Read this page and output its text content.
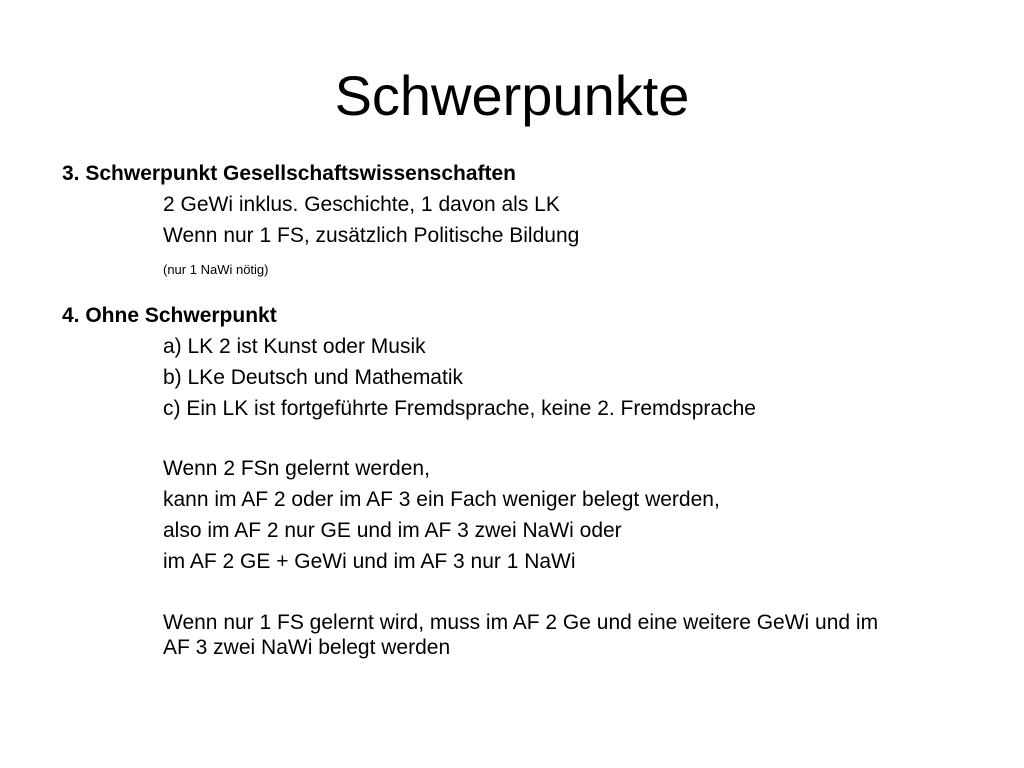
Schwerpunkte
3. Schwerpunkt Gesellschaftswissenschaften
2 GeWi inklus. Geschichte, 1 davon als LK
Wenn nur 1 FS, zusätzlich Politische Bildung
(nur 1 NaWi nötig)
4. Ohne Schwerpunkt
a) LK 2 ist Kunst oder Musik
b) LKe Deutsch und Mathematik
c) Ein LK ist fortgeführte Fremdsprache, keine 2. Fremdsprache
Wenn 2 FSn gelernt werden,
kann im AF 2 oder im AF 3 ein Fach weniger belegt werden,
also im AF 2 nur GE und im AF 3 zwei NaWi oder
im AF 2 GE + GeWi und im AF 3 nur 1 NaWi
Wenn nur 1 FS gelernt wird, muss im AF 2 Ge und eine weitere GeWi und im
AF 3 zwei NaWi belegt werden
